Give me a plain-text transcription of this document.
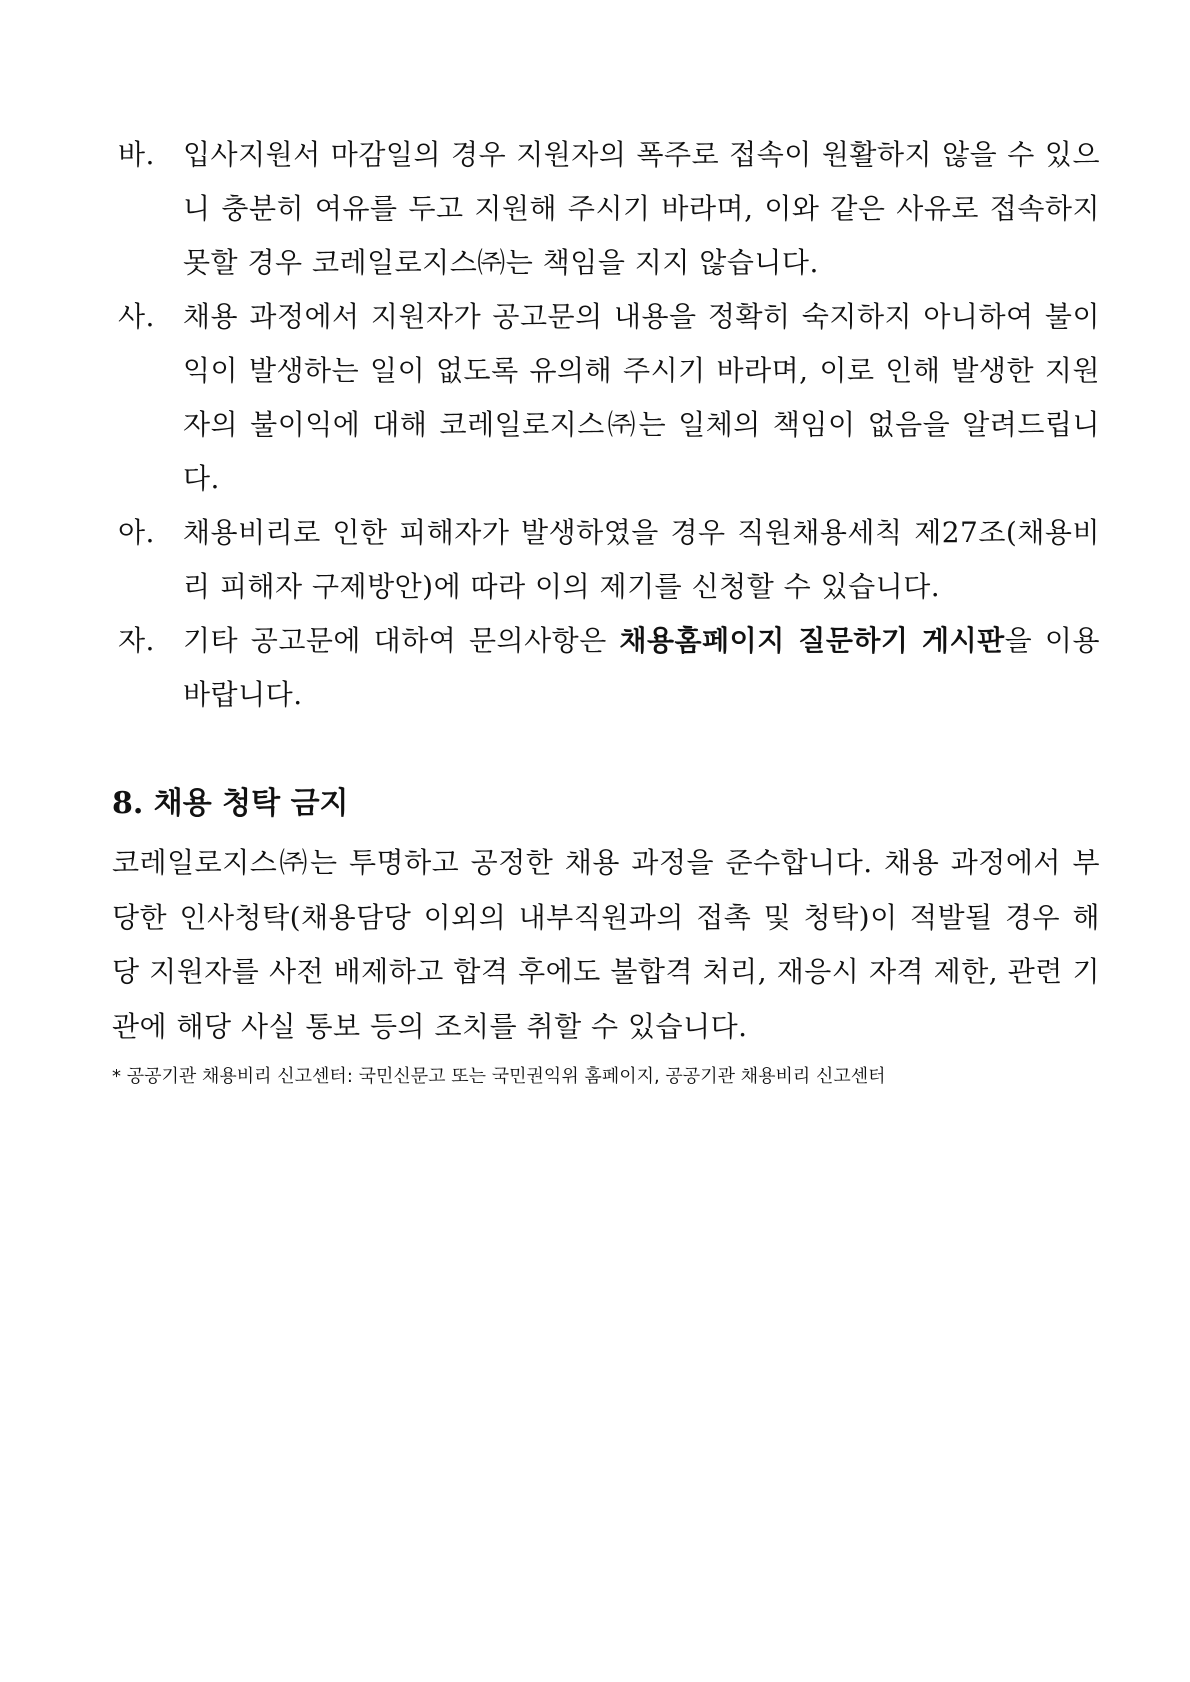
바.	입사지원서 마감일의 경우 지원자의 폭주로 접속이 원활하지 않을 수 있으니 충분히 여유를 두고 지원해 주시기 바라며, 이와 같은 사유로 접속하지 못할 경우 코레일로지스㈜는 책임을 지지 않습니다.
사.	채용 과정에서 지원자가 공고문의 내용을 정확히 숙지하지 아니하여 불이익이 발생하는 일이 없도록 유의해 주시기 바라며, 이로 인해 발생한 지원자의 불이익에 대해 코레일로지스㈜는 일체의 책임이 없음을 알려드립니다.
아.	채용비리로 인한 피해자가 발생하였을 경우 직원채용세칙 제27조(채용비리 피해자 구제방안)에 따라 이의 제기를 신청할 수 있습니다.
자.	기타 공고문에 대하여 문의사항은 채용홈페이지 질문하기 게시판을 이용 바랍니다.
8. 채용 청탁 금지

코레일로지스㈜는 투명하고 공정한 채용 과정을 준수합니다. 채용 과정에서 부당한 인사청탁(채용담당 이외의 내부직원과의 접촉 및 청탁)이 적발될 경우 해당 지원자를 사전 배제하고 합격 후에도 불합격 처리, 재응시 자격 제한, 관련 기관에 해당 사실 통보 등의 조치를 취할 수 있습니다.

* 공공기관 채용비리 신고센터: 국민신문고 또는 국민권익위 홈페이지, 공공기관 채용비리 신고센터
